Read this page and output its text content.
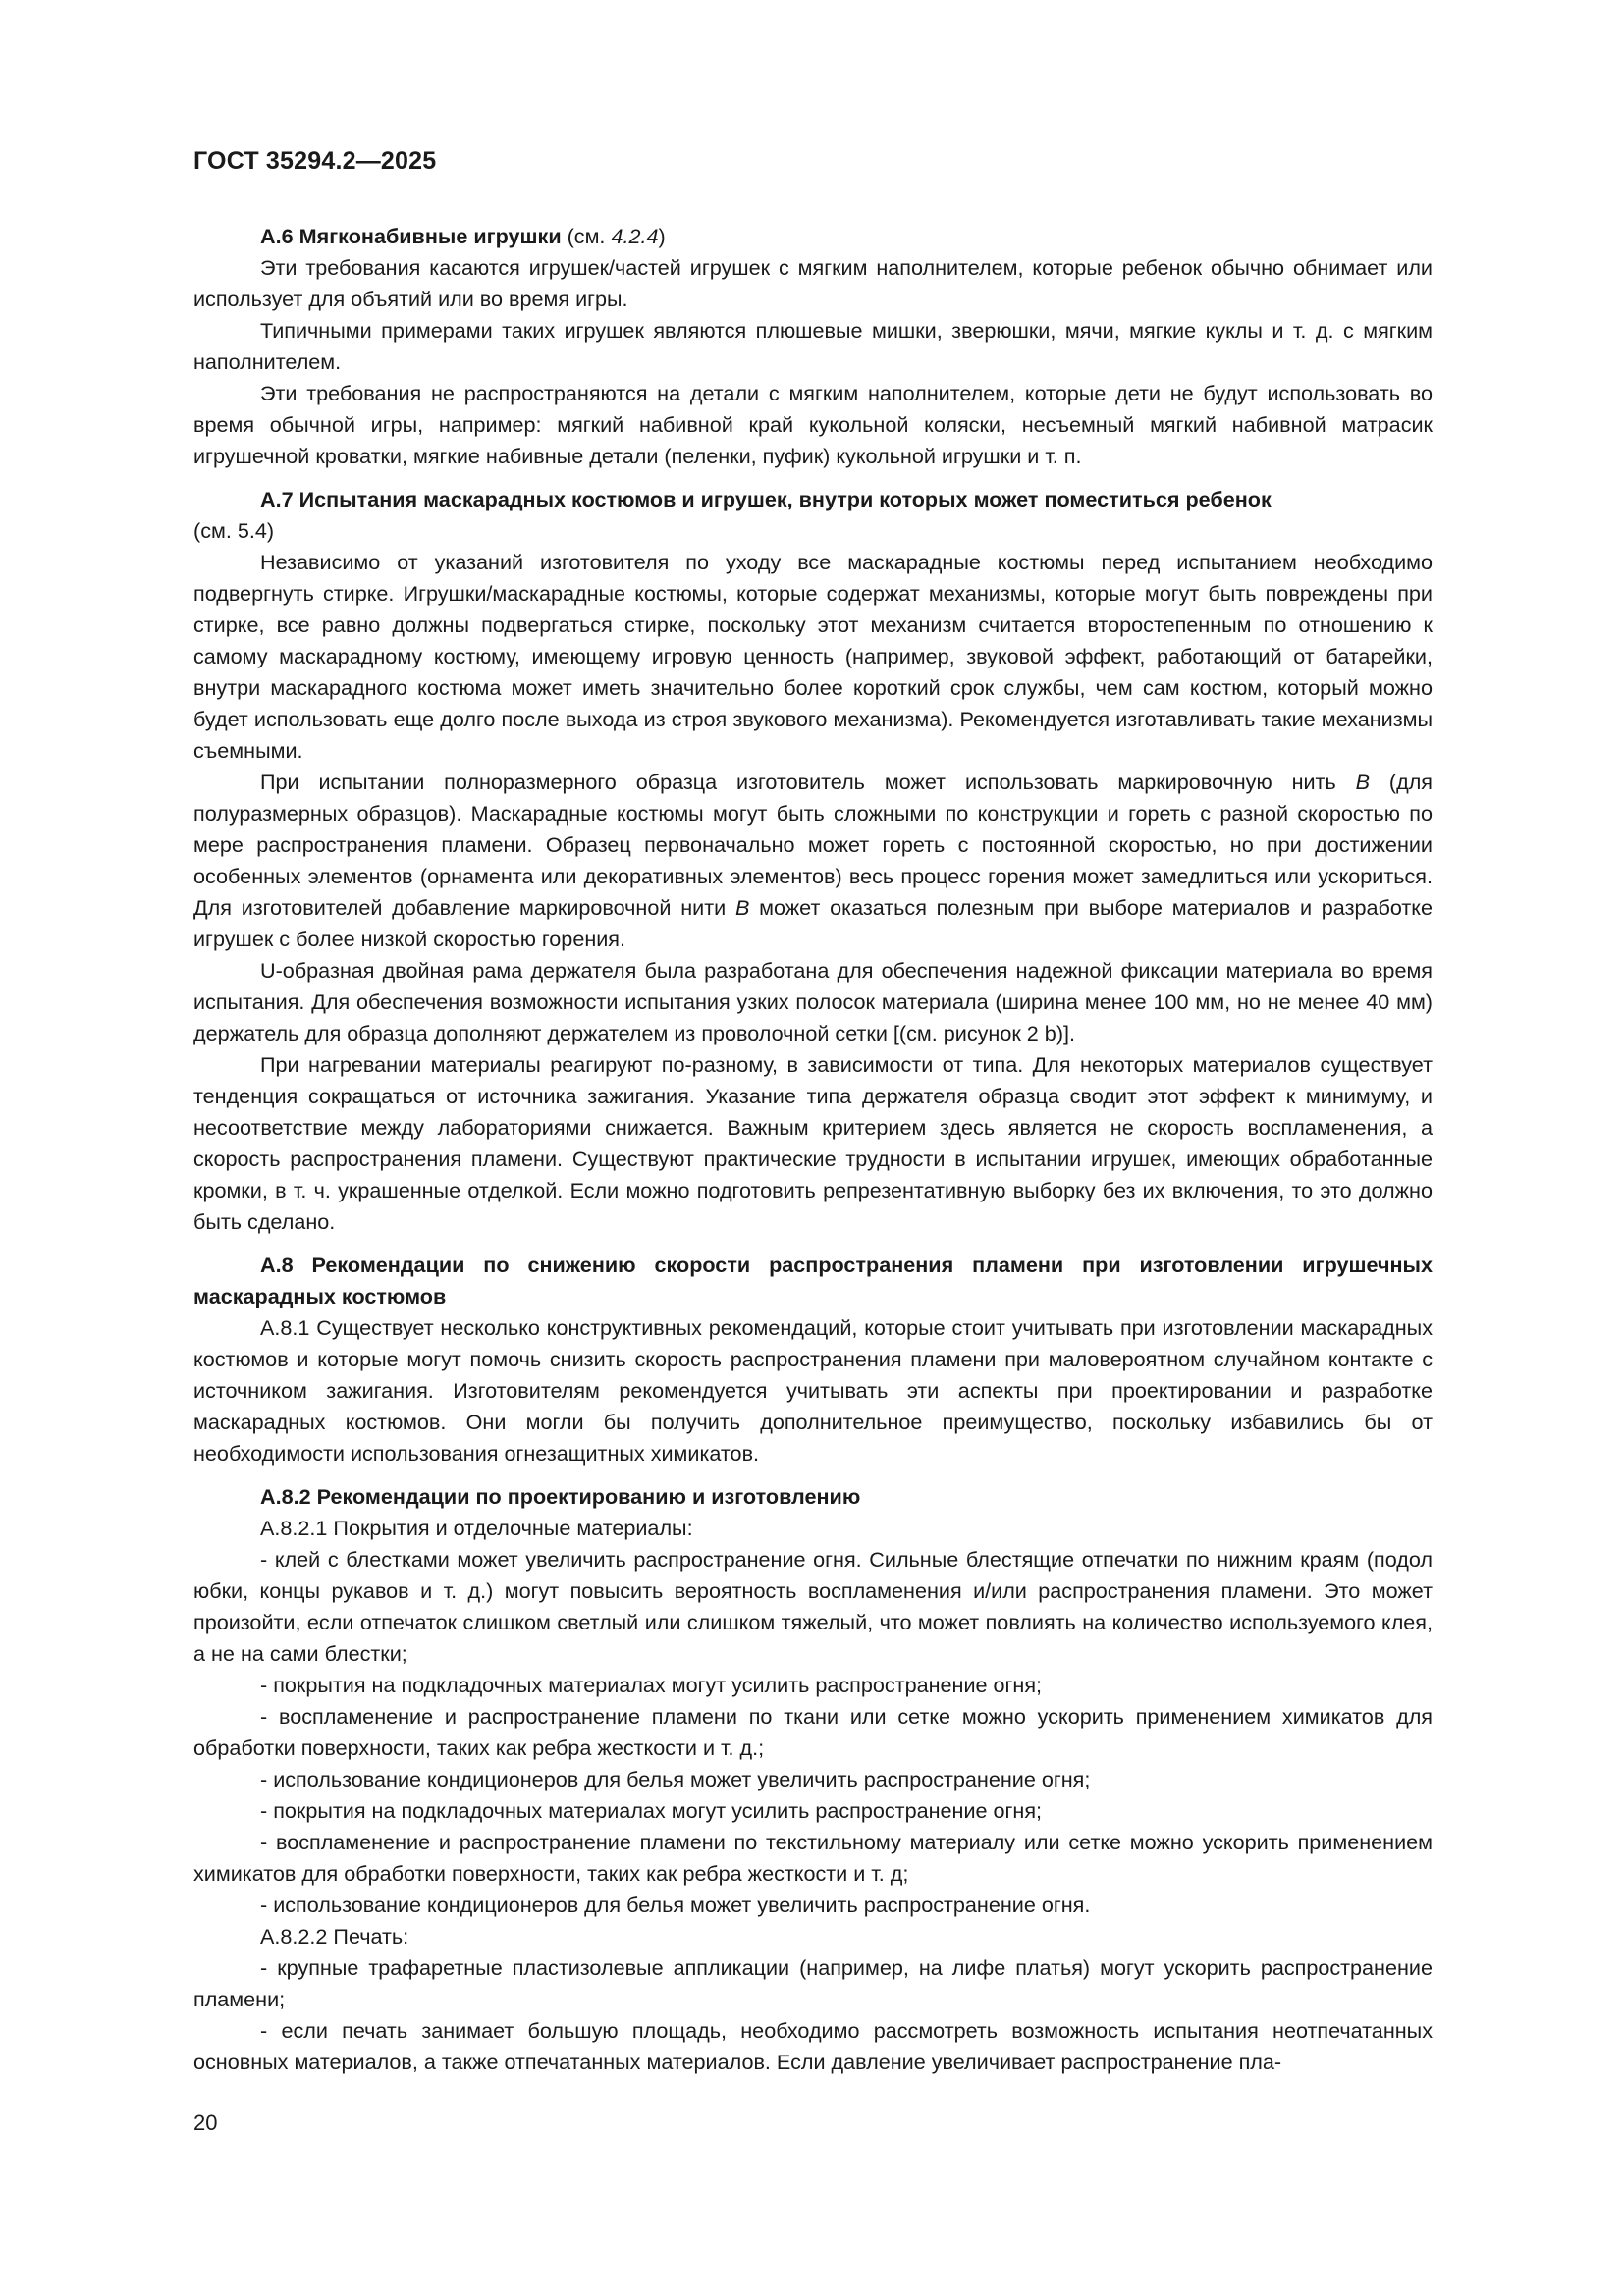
ГОСТ 35294.2—2025

А.6 Мягконабивные игрушки (см. 4.2.4)

Эти требования касаются игрушек/частей игрушек с мягким наполнителем, которые ребенок обычно обнимает или использует для объятий или во время игры.

Типичными примерами таких игрушек являются плюшевые мишки, зверюшки, мячи, мягкие куклы и т. д. с мягким наполнителем.

Эти требования не распространяются на детали с мягким наполнителем, которые дети не будут использовать во время обычной игры, например: мягкий набивной край кукольной коляски, несъемный мягкий набивной матрасик игрушечной кроватки, мягкие набивные детали (пеленки, пуфик) кукольной игрушки и т. п.

А.7 Испытания маскарадных костюмов и игрушек, внутри которых может поместиться ребенок
(см. 5.4)

Независимо от указаний изготовителя по уходу все маскарадные костюмы перед испытанием необходимо подвергнуть стирке. Игрушки/маскарадные костюмы, которые содержат механизмы, которые могут быть повреждены при стирке, все равно должны подвергаться стирке, поскольку этот механизм считается второстепенным по отношению к самому маскарадному костюму, имеющему игровую ценность (например, звуковой эффект, работающий от батарейки, внутри маскарадного костюма может иметь значительно более короткий срок службы, чем сам костюм, который можно будет использовать еще долго после выхода из строя звукового механизма). Рекомендуется изготавливать такие механизмы съемными.

При испытании полноразмерного образца изготовитель может использовать маркировочную нить B (для полуразмерных образцов). Маскарадные костюмы могут быть сложными по конструкции и гореть с разной скоростью по мере распространения пламени. Образец первоначально может гореть с постоянной скоростью, но при достижении особенных элементов (орнамента или декоративных элементов) весь процесс горения может замедлиться или ускориться. Для изготовителей добавление маркировочной нити B может оказаться полезным при выборе материалов и разработке игрушек с более низкой скоростью горения.

U-образная двойная рама держателя была разработана для обеспечения надежной фиксации материала во время испытания. Для обеспечения возможности испытания узких полосок материала (ширина менее 100 мм, но не менее 40 мм) держатель для образца дополняют держателем из проволочной сетки [(см. рисунок 2 b)].

При нагревании материалы реагируют по-разному, в зависимости от типа. Для некоторых материалов существует тенденция сокращаться от источника зажигания. Указание типа держателя образца сводит этот эффект к минимуму, и несоответствие между лабораториями снижается. Важным критерием здесь является не скорость воспламенения, а скорость распространения пламени. Существуют практические трудности в испытании игрушек, имеющих обработанные кромки, в т. ч. украшенные отделкой. Если можно подготовить репрезентативную выборку без их включения, то это должно быть сделано.

А.8 Рекомендации по снижению скорости распространения пламени при изготовлении игрушечных маскарадных костюмов

А.8.1 Существует несколько конструктивных рекомендаций, которые стоит учитывать при изготовлении маскарадных костюмов и которые могут помочь снизить скорость распространения пламени при маловероятном случайном контакте с источником зажигания. Изготовителям рекомендуется учитывать эти аспекты при проектировании и разработке маскарадных костюмов. Они могли бы получить дополнительное преимущество, поскольку избавились бы от необходимости использования огнезащитных химикатов.

А.8.2 Рекомендации по проектированию и изготовлению

А.8.2.1 Покрытия и отделочные материалы:

- клей с блестками может увеличить распространение огня. Сильные блестящие отпечатки по нижним краям (подол юбки, концы рукавов и т. д.) могут повысить вероятность воспламенения и/или распространения пламени. Это может произойти, если отпечаток слишком светлый или слишком тяжелый, что может повлиять на количество используемого клея, а не на сами блестки;

- покрытия на подкладочных материалах могут усилить распространение огня;

- воспламенение и распространение пламени по ткани или сетке можно ускорить применением химикатов для обработки поверхности, таких как ребра жесткости и т. д.;

- использование кондиционеров для белья может увеличить распространение огня;

- покрытия на подкладочных материалах могут усилить распространение огня;

- воспламенение и распространение пламени по текстильному материалу или сетке можно ускорить применением химикатов для обработки поверхности, таких как ребра жесткости и т. д;

- использование кондиционеров для белья может увеличить распространение огня.

А.8.2.2 Печать:

- крупные трафаретные пластизолевые аппликации (например, на лифе платья) могут ускорить распространение пламени;

- если печать занимает большую площадь, необходимо рассмотреть возможность испытания неотпечатанных основных материалов, а также отпечатанных материалов. Если давление увеличивает распространение пла-

20
